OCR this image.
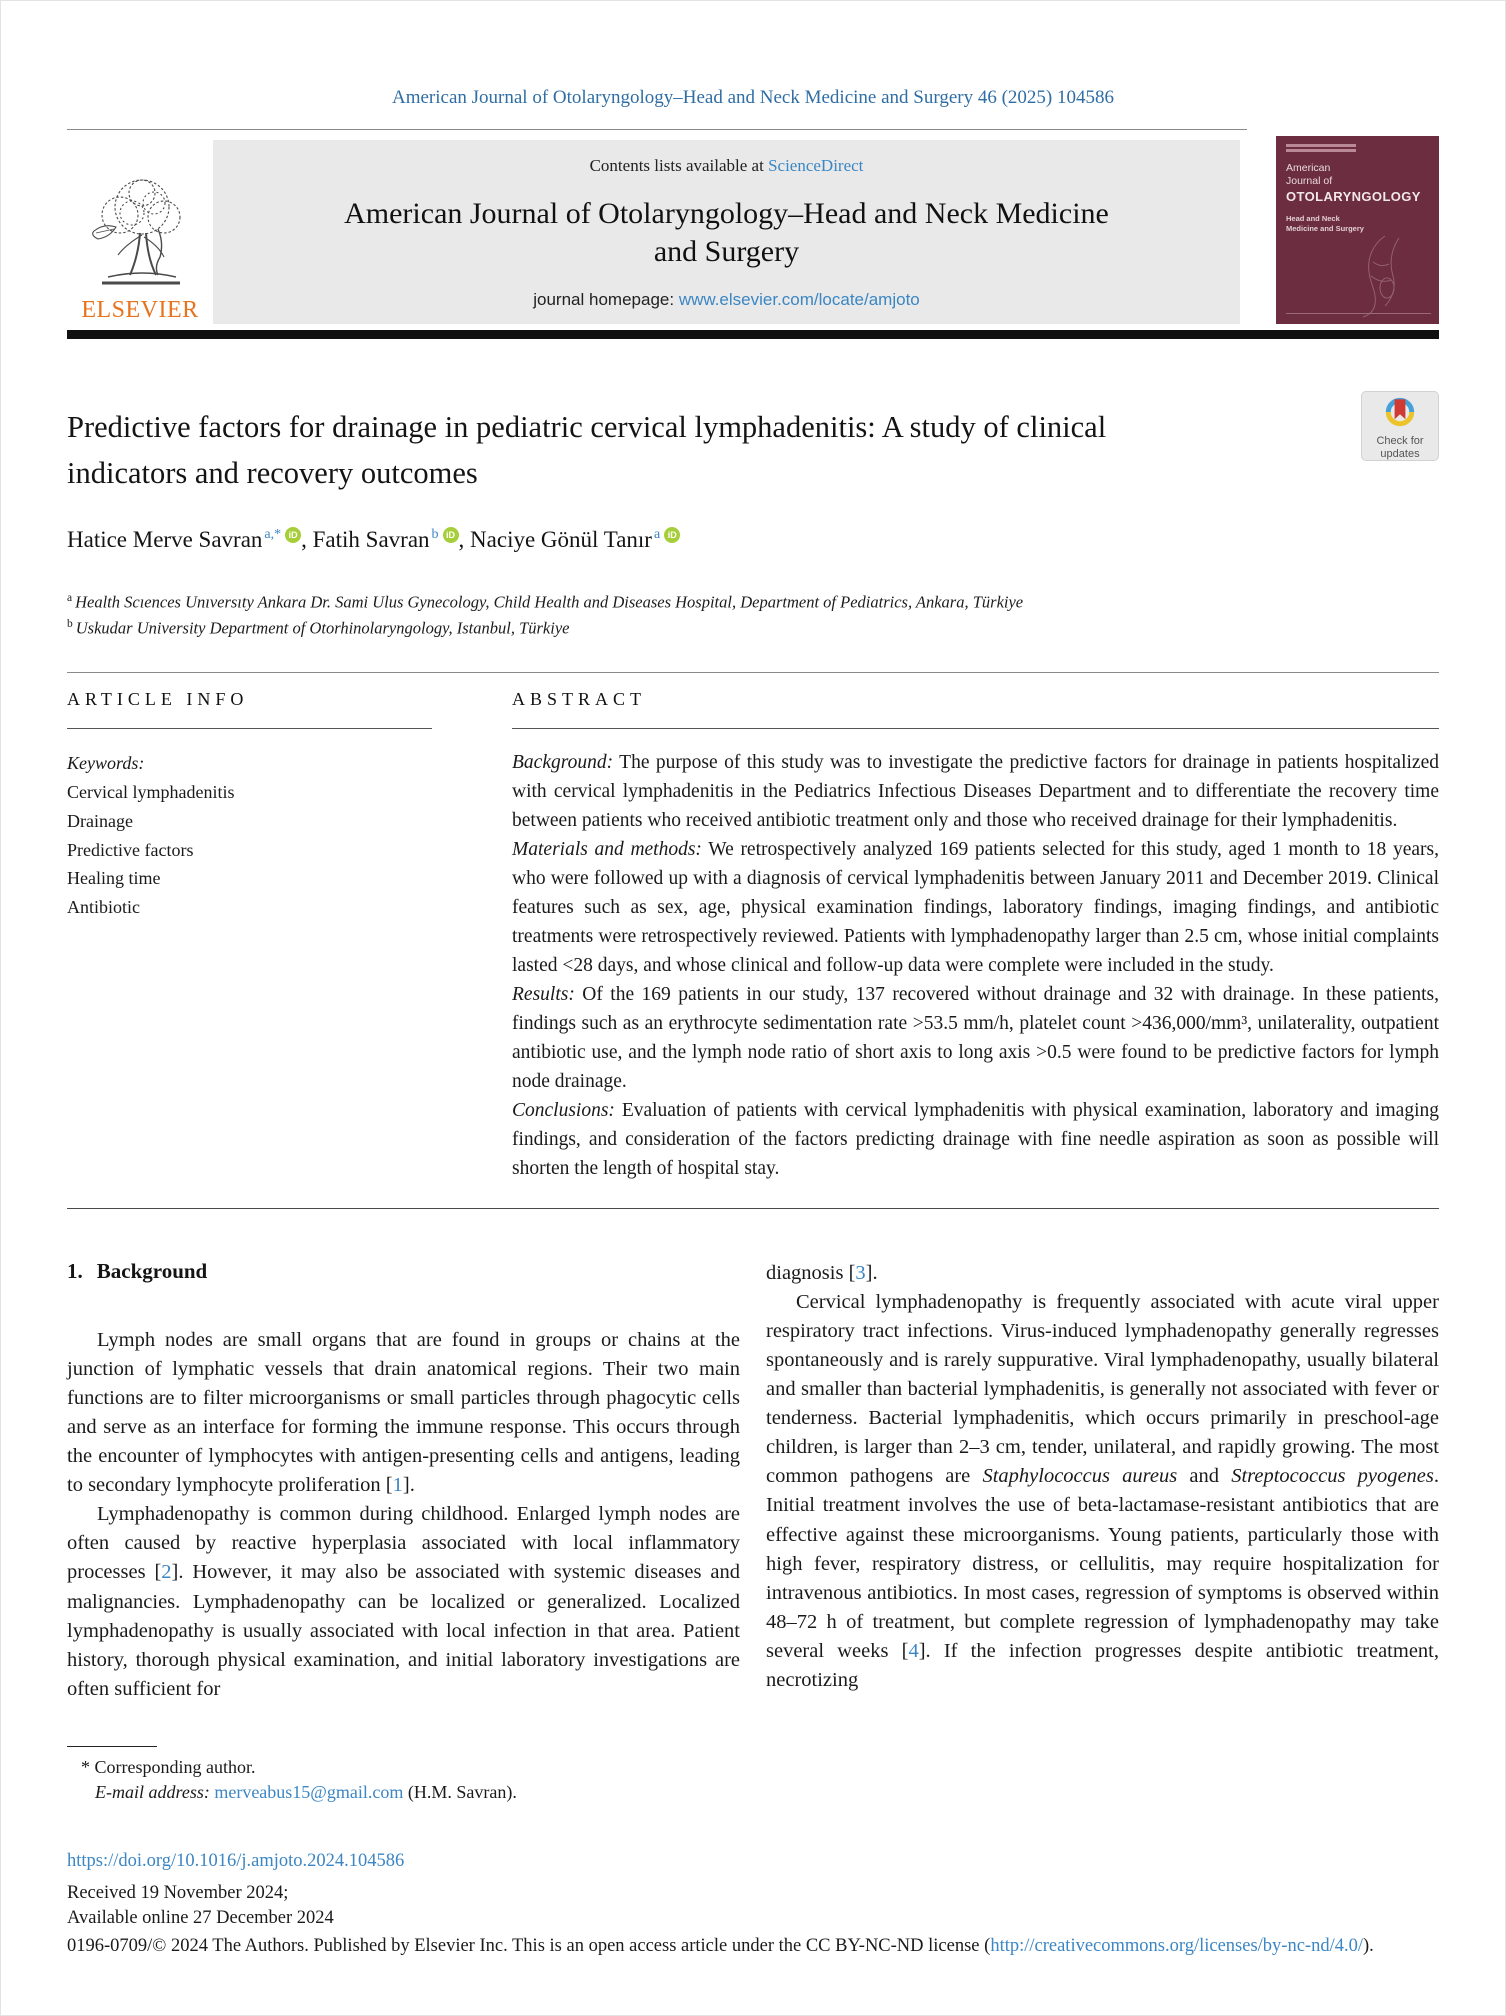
American Journal of Otolaryngology–Head and Neck Medicine and Surgery 46 (2025) 104586
ELSEVIER
Contents lists available at ScienceDirect
American Journal of Otolaryngology–Head and Neck Medicine and Surgery
journal homepage: www.elsevier.com/locate/amjoto
American
Journal of
OTOLARYNGOLOGY
Head and Neck
Medicine and Surgery
Predictive factors for drainage in pediatric cervical lymphadenitis: A study of clinical indicators and recovery outcomes
Check for
updates
Hatice Merve Savran $^{a,*}$ iD , Fatih Savran $^b$ iD , Naciye Gönül Tanır $^a$ iD
$^a$ Health Scıences Unıversıty Ankara Dr. Sami Ulus Gynecology, Child Health and Diseases Hospital, Department of Pediatrics, Ankara, Türkiye
$^b$ Uskudar University Department of Otorhinolaryngology, Istanbul, Türkiye
ARTICLE INFO
Keywords:
Cervical lymphadenitis
Drainage
Predictive factors
Healing time
Antibiotic
ABSTRACT

Background: The purpose of this study was to investigate the predictive factors for drainage in patients hospitalized with cervical lymphadenitis in the Pediatrics Infectious Diseases Department and to differentiate the recovery time between patients who received antibiotic treatment only and those who received drainage for their lymphadenitis.

Materials and methods: We retrospectively analyzed 169 patients selected for this study, aged 1 month to 18 years, who were followed up with a diagnosis of cervical lymphadenitis between January 2011 and December 2019. Clinical features such as sex, age, physical examination findings, laboratory findings, imaging findings, and antibiotic treatments were retrospectively reviewed. Patients with lymphadenopathy larger than 2.5 cm, whose initial complaints lasted <28 days, and whose clinical and follow-up data were complete were included in the study.

Results: Of the 169 patients in our study, 137 recovered without drainage and 32 with drainage. In these patients, findings such as an erythrocyte sedimentation rate >53.5 mm/h, platelet count >436,000/mm³, unilaterality, outpatient antibiotic use, and the lymph node ratio of short axis to long axis >0.5 were found to be predictive factors for lymph node drainage.

Conclusions: Evaluation of patients with cervical lymphadenitis with physical examination, laboratory and imaging findings, and consideration of the factors predicting drainage with fine needle aspiration as soon as possible will shorten the length of hospital stay.

1. Background

Lymph nodes are small organs that are found in groups or chains at the junction of lymphatic vessels that drain anatomical regions. Their two main functions are to filter microorganisms or small particles through phagocytic cells and serve as an interface for forming the immune response. This occurs through the encounter of lymphocytes with antigen-presenting cells and antigens, leading to secondary lymphocyte proliferation [1].

Lymphadenopathy is common during childhood. Enlarged lymph nodes are often caused by reactive hyperplasia associated with local inflammatory processes [2]. However, it may also be associated with systemic diseases and malignancies. Lymphadenopathy can be localized or generalized. Localized lymphadenopathy is usually associated with local infection in that area. Patient history, thorough physical examination, and initial laboratory investigations are often sufficient for

* Corresponding author.
E-mail address: merveabus15@gmail.com (H.M. Savran).

diagnosis [3].

Cervical lymphadenopathy is frequently associated with acute viral upper respiratory tract infections. Virus-induced lymphadenopathy generally regresses spontaneously and is rarely suppurative. Viral lymphadenopathy, usually bilateral and smaller than bacterial lymphadenitis, is generally not associated with fever or tenderness. Bacterial lymphadenitis, which occurs primarily in preschool-age children, is larger than 2–3 cm, tender, unilateral, and rapidly growing. The most common pathogens are Staphylococcus aureus and Streptococcus pyogenes. Initial treatment involves the use of beta-lactamase-resistant antibiotics that are effective against these microorganisms. Young patients, particularly those with high fever, respiratory distress, or cellulitis, may require hospitalization for intravenous antibiotics. In most cases, regression of symptoms is observed within 48–72 h of treatment, but complete regression of lymphadenopathy may take several weeks [4]. If the infection progresses despite antibiotic treatment, necrotizing

https://doi.org/10.1016/j.amjoto.2024.104586
Received 19 November 2024;
Available online 27 December 2024
0196-0709/© 2024 The Authors. Published by Elsevier Inc. This is an open access article under the CC BY-NC-ND license (http://creativecommons.org/licenses/by-nc-nd/4.0/).
